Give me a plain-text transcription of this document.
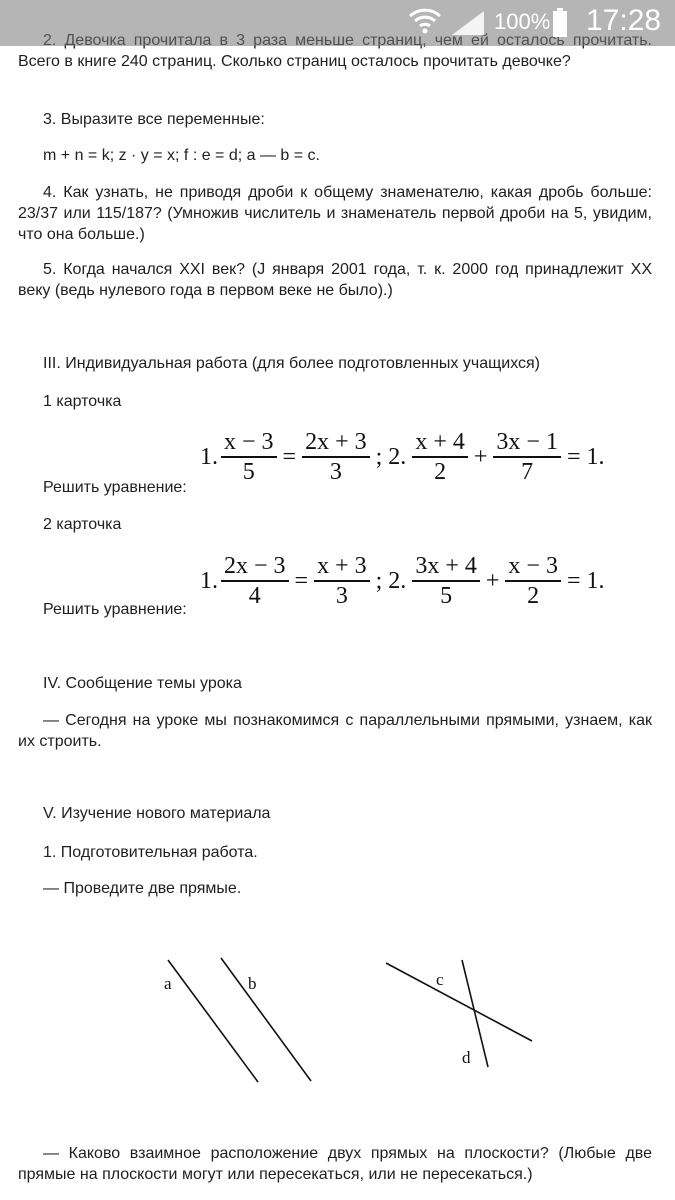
Всего в книге 240 страниц. Сколько страниц осталось прочитать девочке?

3. Выразите все переменные:

m + n = k; z · y = x; f : e = d; a — b = c.

4. Как узнать, не приводя дроби к общему знаменателю, какая дробь больше: 23/37 или 115/187? (Умножив числитель и знаменатель первой дроби на 5, увидим, что она больше.)

5. Когда начался XXI век? (J января 2001 года, т. к. 2000 год принадлежит XX веку (ведь нулевого года в первом веке не было).)

III. Индивидуальная работа (для более подготовленных учащихся)

1 карточка

1. $\frac{x - 3}{5} = \frac{2x + 3}{3}$ ; 2. $\frac{x + 4}{2} + \frac{3x - 1}{7} = 1$.
Решить уравнение:

2 карточка

1. $\frac{2x - 3}{4} = \frac{x + 3}{3}$ ; 2. $\frac{3x + 4}{5} + \frac{x - 3}{2} = 1$.
Решить уравнение:

IV. Сообщение темы урока

— Сегодня на уроке мы познакомимся с параллельными прямыми, узнаем, как их строить.

V. Изучение нового материала

1. Подготовительная работа.

— Проведите две прямые.

a	b	c
d

— Каково взаимное расположение двух прямых на плоскости? (Любые две прямые на плоскости могут или пересекаться, или не пересекаться.)

100% 17:28
